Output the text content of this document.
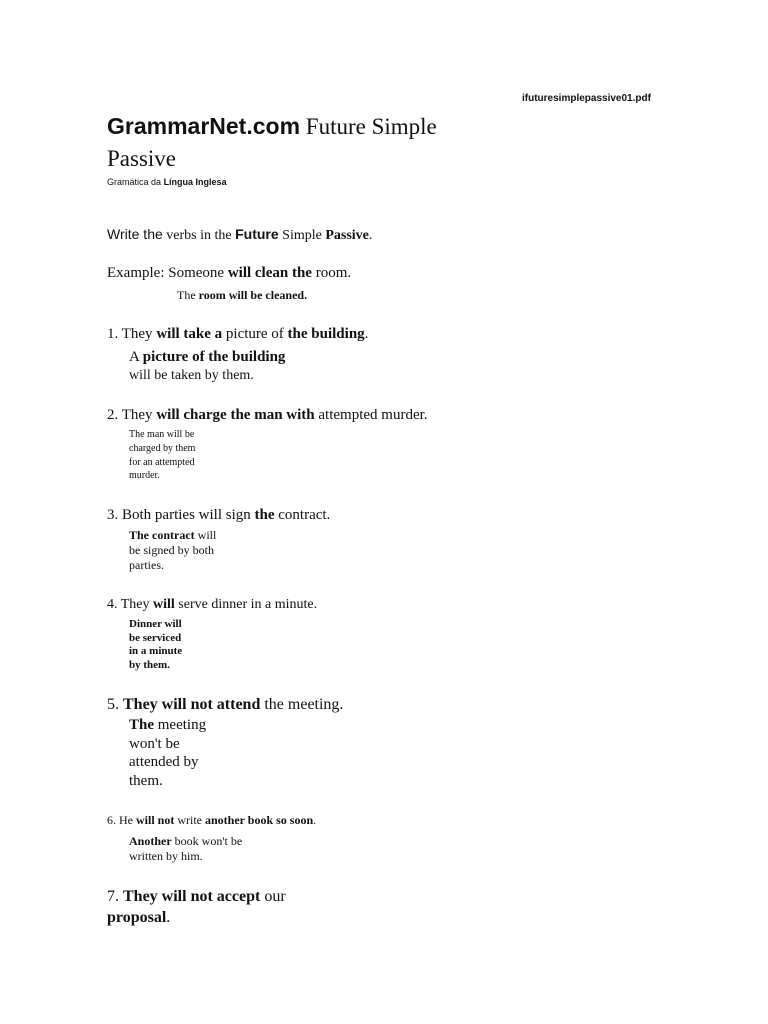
ifuturesimplepassive01.pdf
GrammarNet.com Future Simple
Passive
Gramática da Língua Inglesa
Write the verbs in the Future Simple Passive.
Example: Someone will clean the room.
The room will be cleaned.
1. They will take a picture of the building.
A picture of the building
will be taken by them.
2. They will charge the man with attempted murder.
The man will be
charged by them
for an attempted
murder.
3. Both parties will sign the contract.
The contract will
be signed by both
parties.
4. They will serve dinner in a minute.
Dinner will
be serviced
in a minute
by them.
5. They will not attend the meeting.
The meeting
won't be
attended by
them.
6. He will not write another book so soon.
Another book won't be
written by him.
7. They will not accept our
proposal.
